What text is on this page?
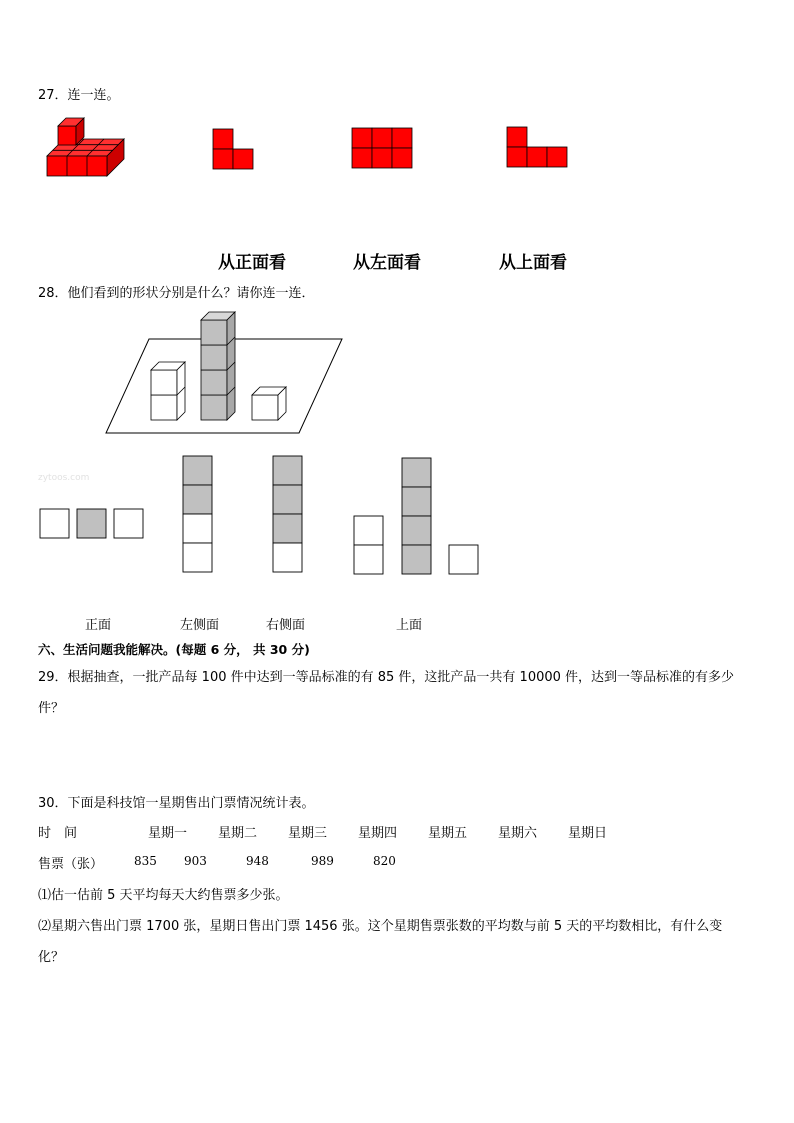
27．连一连。
从正面看	从左面看	从上面看
28．他们看到的形状分别是什么？请你连一连．
zytoos.com
正面	左侧面	右侧面	上面
六、生活问题我能解决。(每题 6 分， 共 30 分)
29．根据抽查，一批产品每 100 件中达到一等品标准的有 85 件，这批产品一共有 10000 件，达到一等品标准的有多少
件？
30．下面是科技馆一星期售出门票情况统计表。
时　间	星期一 星期二 星期三 星期四 星期五 星期六 星期日
售票（张）	835 903	948	989	820
⑴估一估前 5 天平均每天大约售票多少张。
⑵星期六售出门票 1700 张，星期日售出门票 1456 张。这个星期售票张数的平均数与前 5 天的平均数相比，有什么变
化？
